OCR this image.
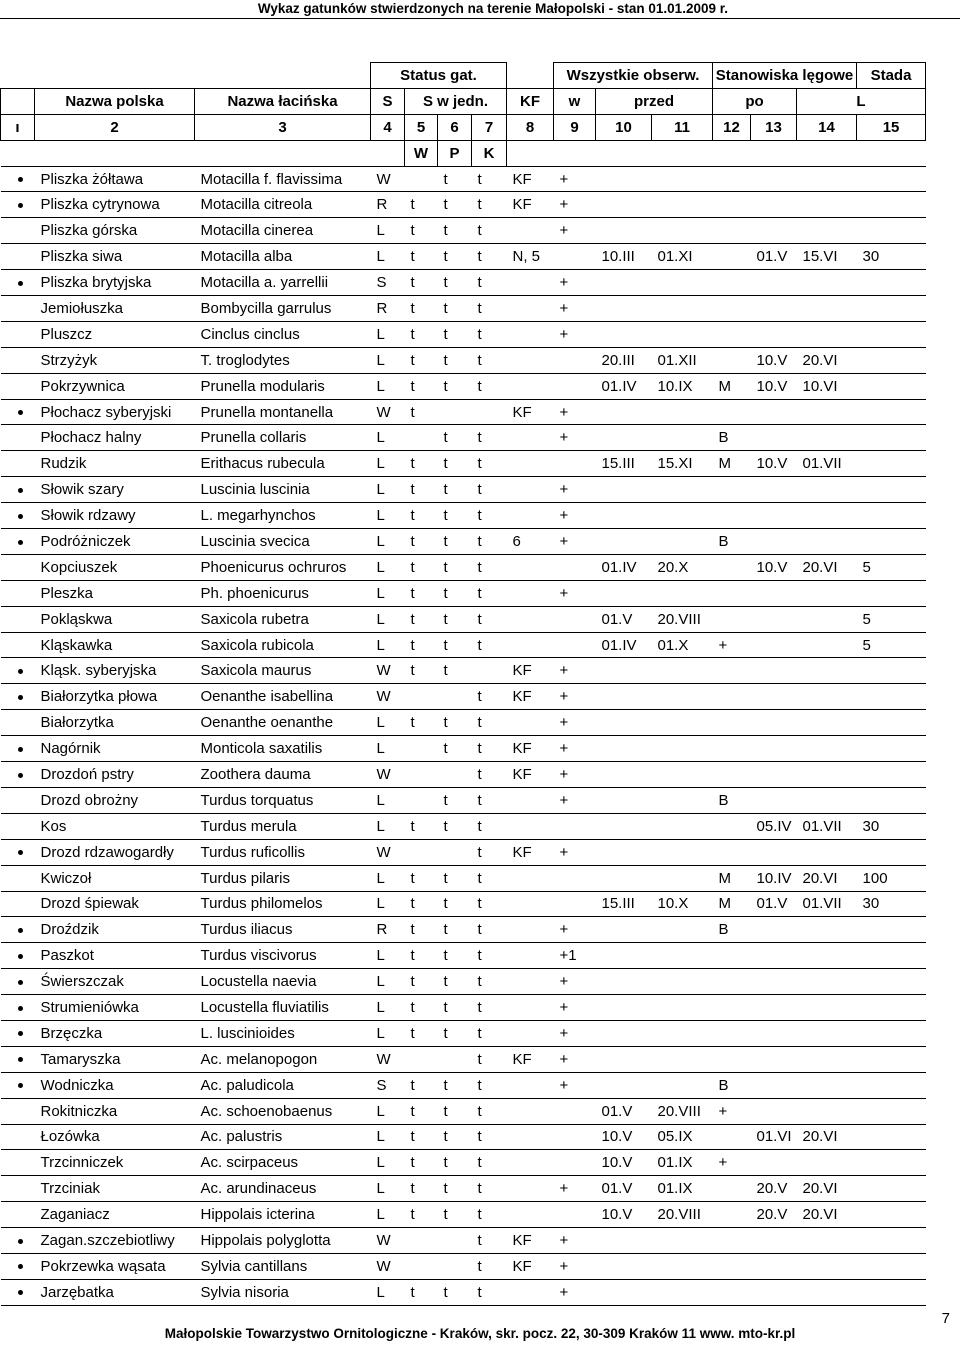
Wykaz gatunków stwierdzonych na terenie Małopolski - stan 01.01.2009 r.
			Status gat.					Wszystkie obserw.			Stanowiska lęgowe			Stada
	Nazwa polska	Nazwa łacińska	S	S w jedn.			KF	w	przed		po		L	
ı	2	3	4	5	6	7	8	9	10	11	12	13	14	15
				W	P	K								
	Pliszka żółtawa	Motacilla f. flavissima	W		t	t	KF	+						
	Pliszka cytrynowa	Motacilla citreola	R	t	t	t	KF	+						
	Pliszka górska	Motacilla cinerea	L	t	t	t		+						
	Pliszka siwa	Motacilla alba	L	t	t	t	N, 5		10.III	01.XI		01.V	15.VI	30
	Pliszka brytyjska	Motacilla a. yarrellii	S	t	t	t		+						
	Jemiołuszka	Bombycilla garrulus	R	t	t	t		+						
	Pluszcz	Cinclus cinclus	L	t	t	t		+						
	Strzyżyk	T. troglodytes	L	t	t	t			20.III	01.XII		10.V	20.VI	
	Pokrzywnica	Prunella modularis	L	t	t	t			01.IV	10.IX	M	10.V	10.VI	
	Płochacz syberyjski	Prunella montanella	W	t			KF	+						
	Płochacz halny	Prunella collaris	L		t	t		+			B			
	Rudzik	Erithacus rubecula	L	t	t	t			15.III	15.XI	M	10.V	01.VII	
	Słowik szary	Luscinia luscinia	L	t	t	t		+						
	Słowik rdzawy	L. megarhynchos	L	t	t	t		+						
	Podróżniczek	Luscinia svecica	L	t	t	t	6	+			B			
	Kopciuszek	Phoenicurus ochruros	L	t	t	t			01.IV	20.X		10.V	20.VI	5
	Pleszka	Ph. phoenicurus	L	t	t	t		+						
	Pokląskwa	Saxicola rubetra	L	t	t	t			01.V	20.VIII				5
	Kląskawka	Saxicola rubicola	L	t	t	t			01.IV	01.X	+			5
	Kląsk. syberyjska	Saxicola maurus	W	t	t		KF	+						
	Białorzytka płowa	Oenanthe isabellina	W			t	KF	+						
	Białorzytka	Oenanthe oenanthe	L	t	t	t		+						
	Nagórnik	Monticola saxatilis	L		t	t	KF	+						
	Drozdoń pstry	Zoothera dauma	W			t	KF	+						
	Drozd obrożny	Turdus torquatus	L		t	t		+			B			
	Kos	Turdus merula	L	t	t	t						05.IV	01.VII	30
	Drozd rdzawogardły	Turdus ruficollis	W			t	KF	+						
	Kwiczoł	Turdus pilaris	L	t	t	t					M	10.IV	20.VI	100
	Drozd śpiewak	Turdus philomelos	L	t	t	t			15.III	10.X	M	01.V	01.VII	30
	Droździk	Turdus iliacus	R	t	t	t		+			B			
	Paszkot	Turdus viscivorus	L	t	t	t		+1						
	Świerszczak	Locustella naevia	L	t	t	t		+						
	Strumieniówka	Locustella fluviatilis	L	t	t	t		+						
	Brzęczka	L. luscinioides	L	t	t	t		+						
	Tamaryszka	Ac. melanopogon	W			t	KF	+						
	Wodniczka	Ac. paludicola	S	t	t	t		+			B			
	Rokitniczka	Ac. schoenobaenus	L	t	t	t			01.V	20.VIII	+			
	Łozówka	Ac. palustris	L	t	t	t			10.V	05.IX		01.VI	20.VI	
	Trzcinniczek	Ac. scirpaceus	L	t	t	t			10.V	01.IX	+			
	Trzciniak	Ac. arundinaceus	L	t	t	t		+	01.V	01.IX		20.V	20.VI	
	Zaganiacz	Hippolais icterina	L	t	t	t			10.V	20.VIII		20.V	20.VI	
	Zagan.szczebiotliwy	Hippolais polyglotta	W			t	KF	+						
	Pokrzewka wąsata	Sylvia cantillans	W			t	KF	+						
	Jarzębatka	Sylvia nisoria	L	t	t	t		+						
Małopolskie Towarzystwo Ornitologiczne - Kraków, skr. pocz. 22, 30-309 Kraków 11 www. mto-kr.pl
7
